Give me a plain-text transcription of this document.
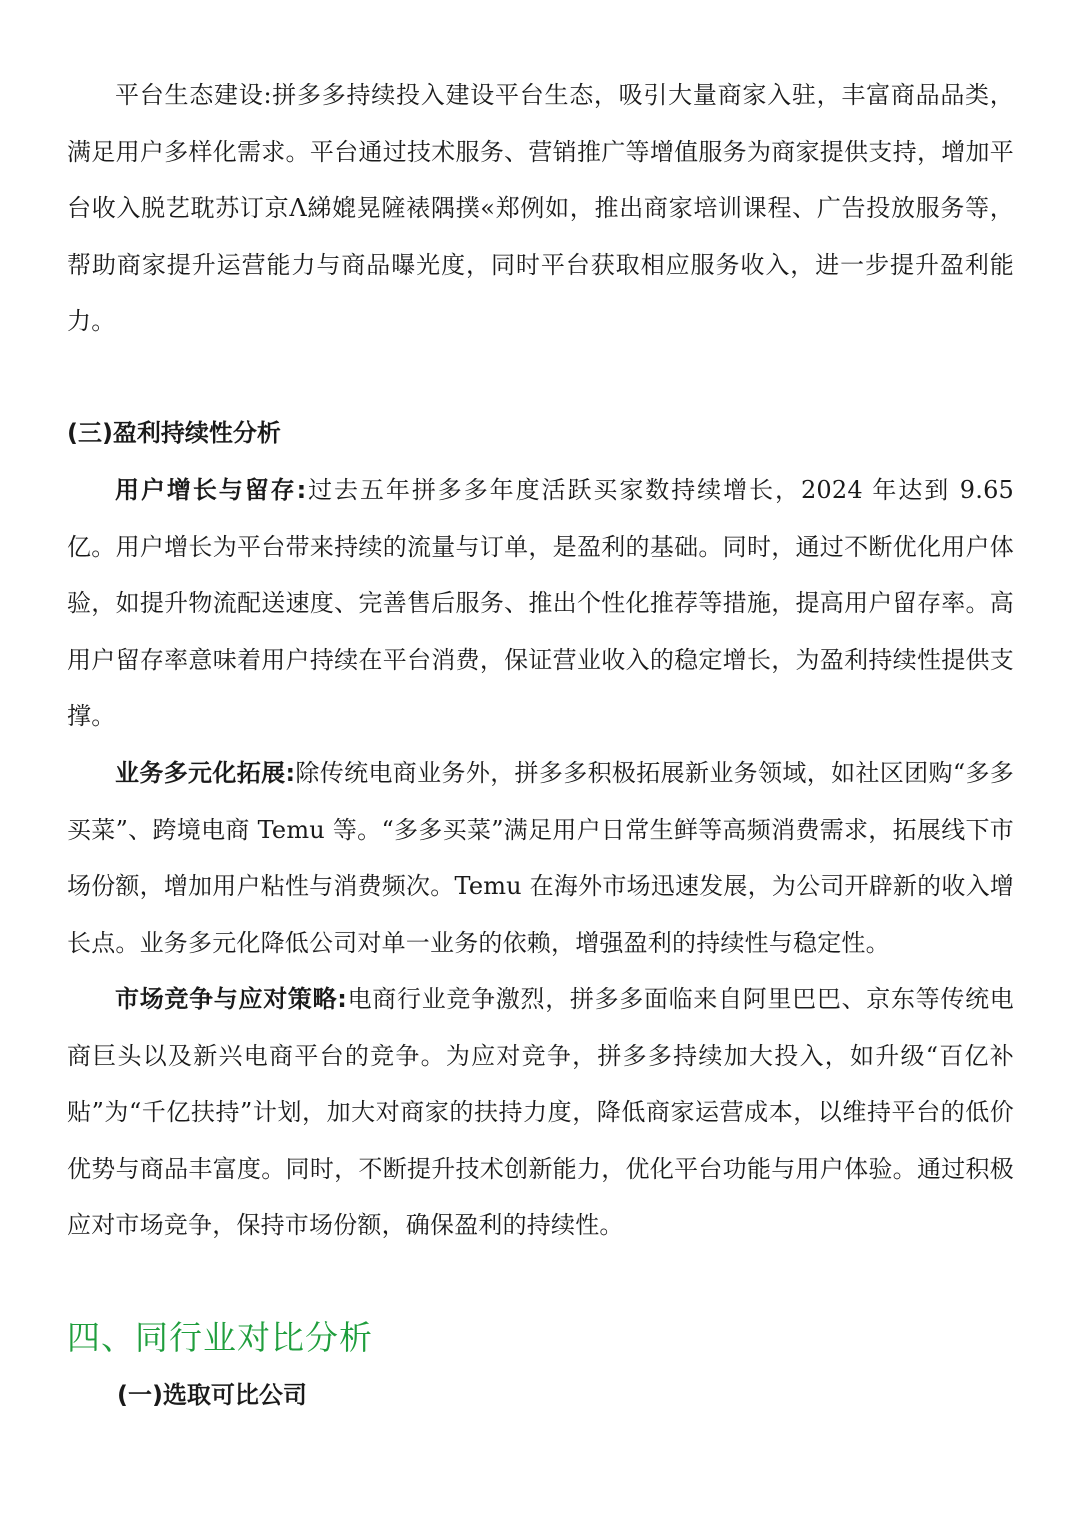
平台生态建设:拼多多持续投入建设平台生态，吸引大量商家入驻，丰富商品品类，满足用户多样化需求。平台通过技术服务、营销推广等增值服务为商家提供支持，增加平台收入脱艺耽苏订京Λ綈媲晃隡裱隅撲«郑例如，推出商家培训课程、广告投放服务等，帮助商家提升运营能力与商品曝光度，同时平台获取相应服务收入，进一步提升盈利能力。

(三)盈利持续性分析

用户增长与留存:过去五年拼多多年度活跃买家数持续增长，2024 年达到 9.65 亿。用户增长为平台带来持续的流量与订单，是盈利的基础。同时，通过不断优化用户体验，如提升物流配送速度、完善售后服务、推出个性化推荐等措施，提高用户留存率。高用户留存率意味着用户持续在平台消费，保证营业收入的稳定增长，为盈利持续性提供支撑。

业务多元化拓展:除传统电商业务外，拼多多积极拓展新业务领域，如社区团购“多多买菜”、跨境电商 Temu 等。“多多买菜”满足用户日常生鲜等高频消费需求，拓展线下市场份额，增加用户粘性与消费频次。Temu 在海外市场迅速发展，为公司开辟新的收入增长点。业务多元化降低公司对单一业务的依赖，增强盈利的持续性与稳定性。

市场竞争与应对策略:电商行业竞争激烈，拼多多面临来自阿里巴巴、京东等传统电商巨头以及新兴电商平台的竞争。为应对竞争，拼多多持续加大投入，如升级“百亿补贴”为“千亿扶持”计划，加大对商家的扶持力度，降低商家运营成本，以维持平台的低价优势与商品丰富度。同时，不断提升技术创新能力，优化平台功能与用户体验。通过积极应对市场竞争，保持市场份额，确保盈利的持续性。

四、同行业对比分析
(一)选取可比公司
